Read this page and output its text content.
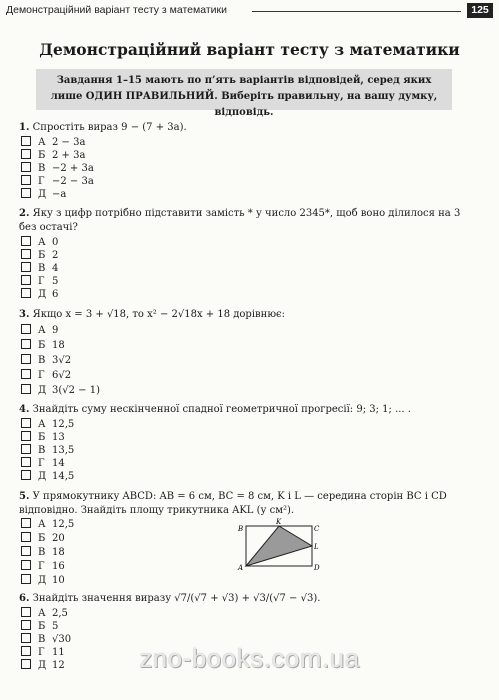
Демонстраційний варіант тесту з математики	125
Демонстраційний варіант тесту з математики
Завдання 1–15 мають по п’ять варіантів відповідей, серед яких лише ОДИН ПРАВИЛЬНИЙ. Виберіть правильну, на вашу думку, відповідь.
1. Спростіть вираз 9 − (7 + 3a).
А 2 − 3a
Б 2 + 3a
В −2 + 3a
Г −2 − 3a
Д −a
2. Яку з цифр потрібно підставити замість * у число 2345*, щоб воно ділилося на 3 без остачі?
А 0
Б 2
В 4
Г 5
Д 6
3. Якщо x = 3 + √18, то x² − 2√18x + 18 дорівнює:
А 9
Б 18
В 3√2
Г 6√2
Д 3(√2 − 1)
4. Знайдіть суму нескінченної спадної геометричної прогресії: 9; 3; 1; ... .
А 12,5
Б 13
В 13,5
Г 14
Д 14,5
5. У прямокутнику ABCD: AB = 6 см, BC = 8 см, K і L — середина сторін BC і CD відповідно. Знайдіть площу трикутника AKL (у см²).
А 12,5
Б 20
В 18
Г 16
Д 10
B
K
C
L
A	D
6. Знайдіть значення виразу √7/(√7 + √3) + √3/(√7 − √3).
А 2,5
Б 5
В √30
Г 11
Д 12	zno-books.com.ua
